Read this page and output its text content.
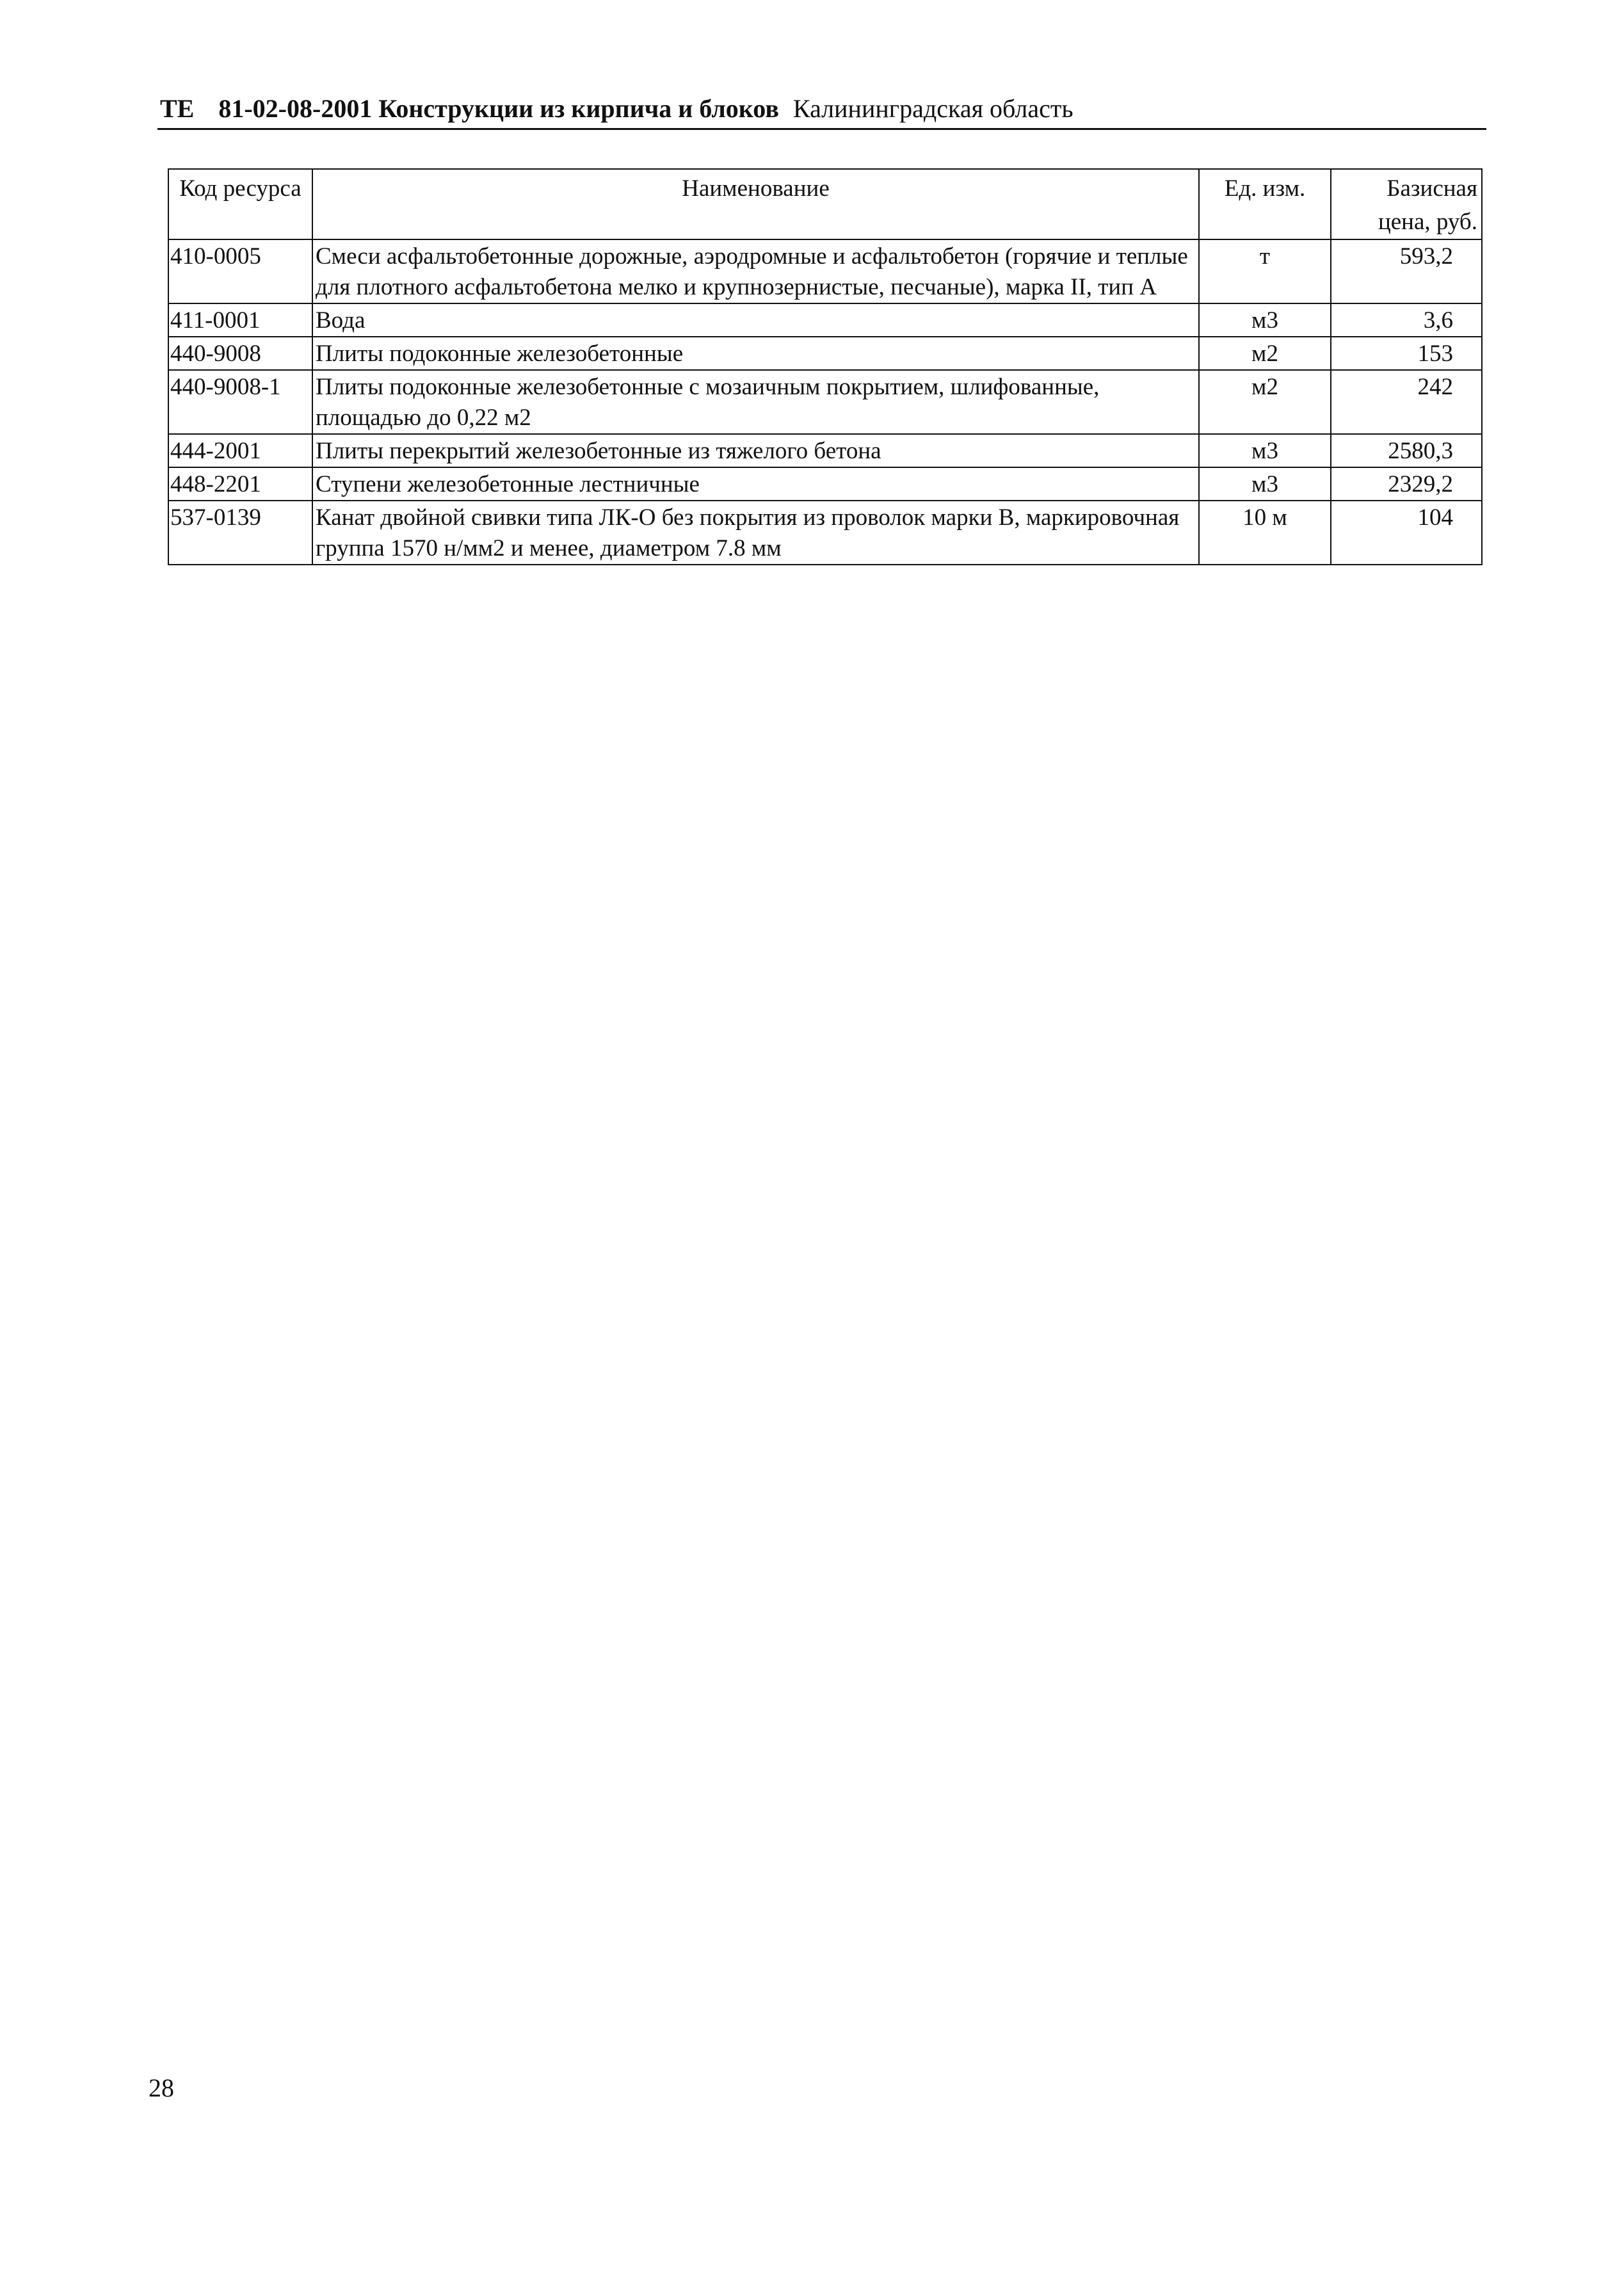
ТЕ 81-02-08-2001 Конструкции из кирпича и блоков Калининградская область
Код ресурса	Наименование	Ед. изм.	Базисная цена, руб.
410-0005	Смеси асфальтобетонные дорожные, аэродромные и асфальтобетон (горячие и теплые для плотного асфальтобетона мелко и крупнозернистые, песчаные), марка II, тип А	т	593,2
411-0001	Вода	м3	3,6
440-9008	Плиты подоконные железобетонные	м2	153
440-9008-1	Плиты подоконные железобетонные с мозаичным покрытием, шлифованные, площадью до 0,22 м2	м2	242
444-2001	Плиты перекрытий железобетонные из тяжелого бетона	м3	2580,3
448-2201	Ступени железобетонные лестничные	м3	2329,2
537-0139	Канат двойной свивки типа ЛК-О без покрытия из проволок марки В, маркировочная группа 1570 н/мм2 и менее, диаметром 7.8 мм	10 м	104
28
